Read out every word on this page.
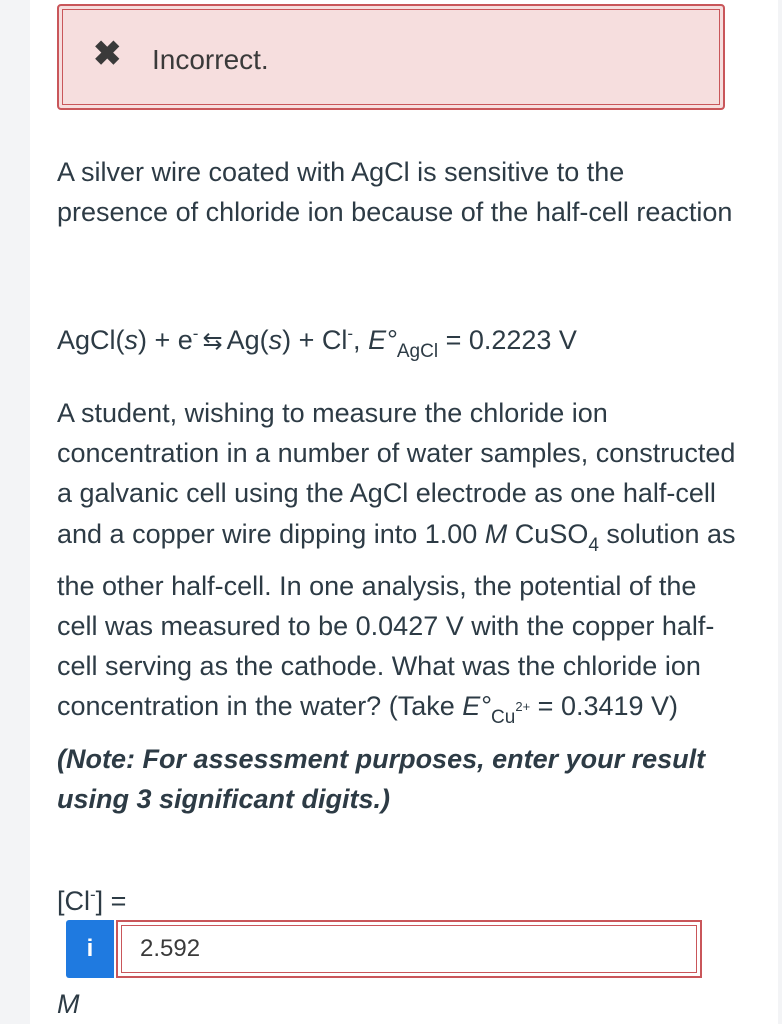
✖ Incorrect.
A silver wire coated with AgCl is sensitive to the presence of chloride ion because of the half-cell reaction
AgCl(s) + e- ⇆ Ag(s) + Cl-, $E^\circ_{AgCl} = 0.2223$ V
A student, wishing to measure the chloride ion concentration in a number of water samples, constructed a galvanic cell using the AgCl electrode as one half-cell and a copper wire dipping into 1.00 M CuSO$_4$ solution as the other half-cell. In one analysis, the potential of the cell was measured to be 0.0427 V with the copper half-cell serving as the cathode. What was the chloride ion concentration in the water? (Take $E^\circ_{Cu}^{2+} = 0.3419$ V) (Note: For assessment purposes, enter your result using 3 significant digits.)
[Cl-] =
i	2.592
M
